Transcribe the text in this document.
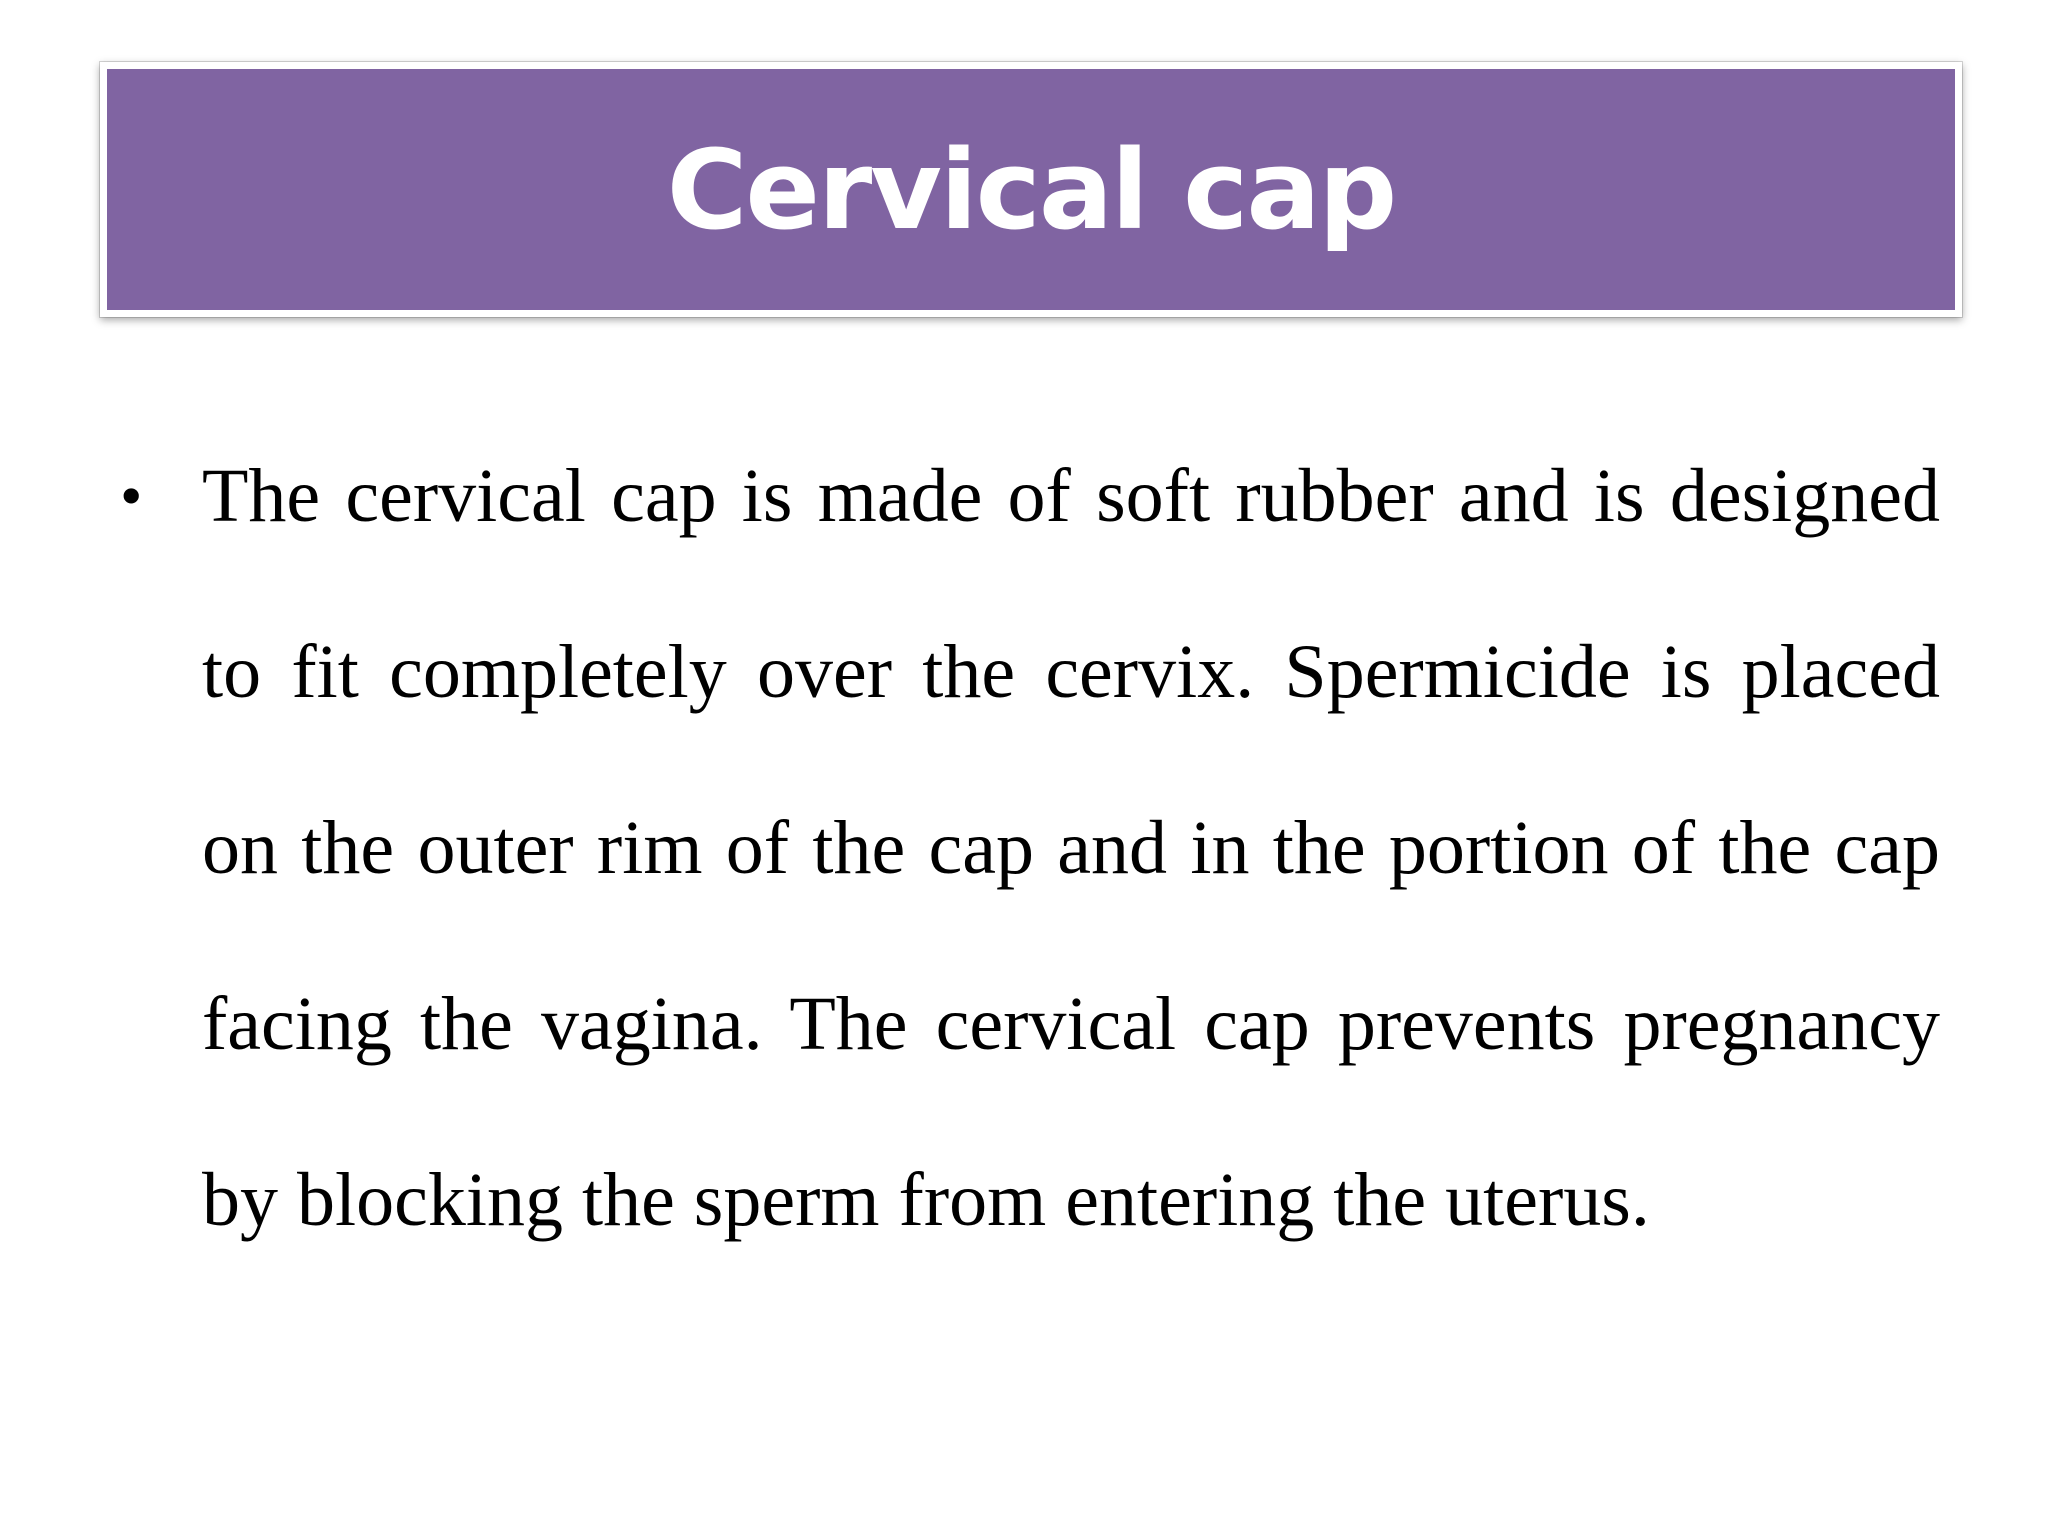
Cervical cap
• The cervical cap is made of soft rubber and is designed to fit completely over the cervix. Spermicide is placed on the outer rim of the cap and in the portion of the cap facing the vagina. The cervical cap prevents pregnancy by blocking the sperm from entering the uterus.
